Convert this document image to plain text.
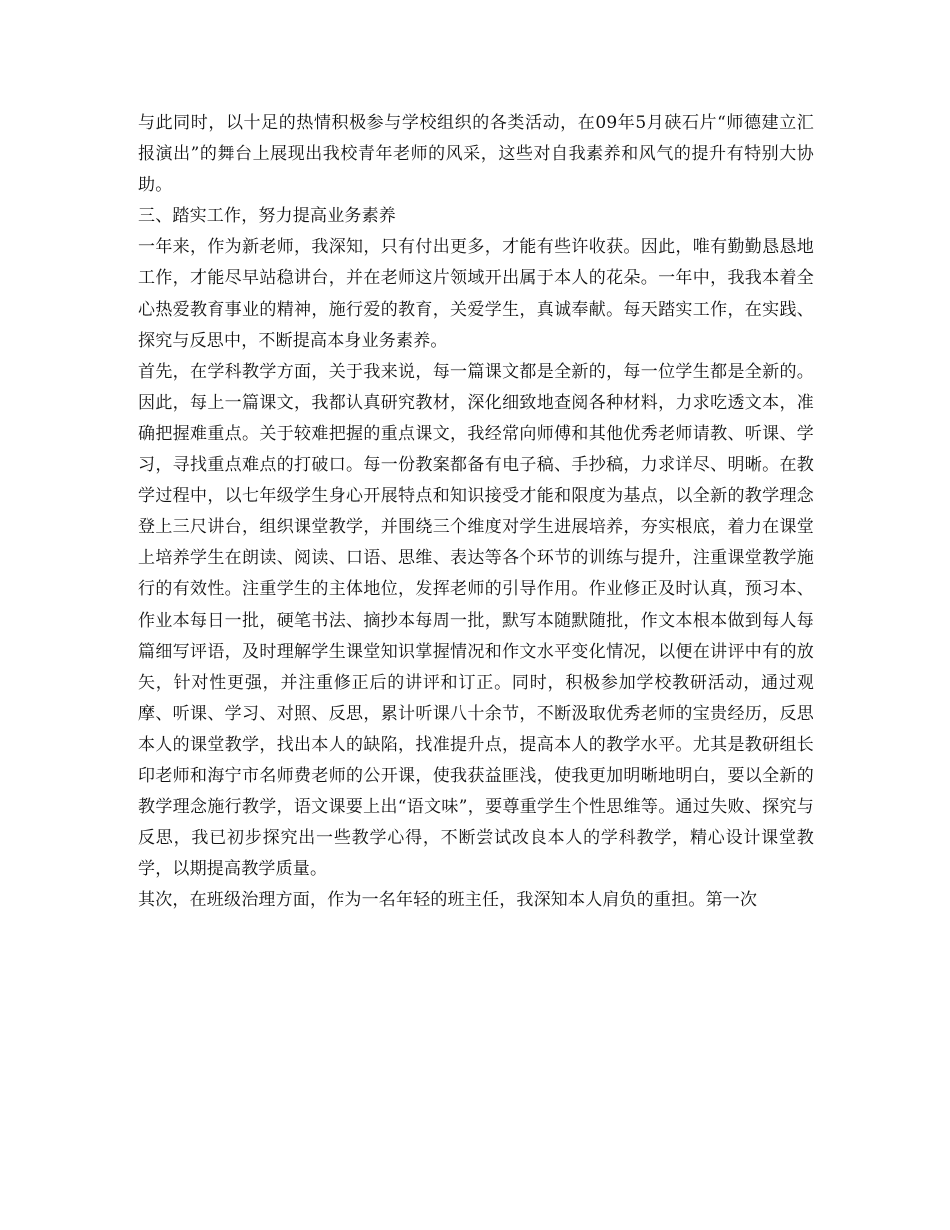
与此同时，以十足的热情积极参与学校组织的各类活动，在09年5月硖石片“师德建立汇报演出”的舞台上展现出我校青年老师的风采，这些对自我素养和风气的提升有特别大协助。

三、踏实工作，努力提高业务素养

一年来，作为新老师，我深知，只有付出更多，才能有些许收获。因此，唯有勤勤恳恳地工作，才能尽早站稳讲台，并在老师这片领域开出属于本人的花朵。一年中，我我本着全心热爱教育事业的精神，施行爱的教育，关爱学生，真诚奉献。每天踏实工作，在实践、探究与反思中，不断提高本身业务素养。

首先，在学科教学方面，关于我来说，每一篇课文都是全新的，每一位学生都是全新的。因此，每上一篇课文，我都认真研究教材，深化细致地查阅各种材料，力求吃透文本，准确把握难重点。关于较难把握的重点课文，我经常向师傅和其他优秀老师请教、听课、学习，寻找重点难点的打破口。每一份教案都备有电子稿、手抄稿，力求详尽、明晰。在教学过程中，以七年级学生身心开展特点和知识接受才能和限度为基点，以全新的教学理念登上三尺讲台，组织课堂教学，并围绕三个维度对学生进展培养，夯实根底，着力在课堂上培养学生在朗读、阅读、口语、思维、表达等各个环节的训练与提升，注重课堂教学施行的有效性。注重学生的主体地位，发挥老师的引导作用。作业修正及时认真，预习本、作业本每日一批，硬笔书法、摘抄本每周一批，默写本随默随批，作文本根本做到每人每篇细写评语，及时理解学生课堂知识掌握情况和作文水平变化情况，以便在讲评中有的放矢，针对性更强，并注重修正后的讲评和订正。同时，积极参加学校教研活动，通过观摩、听课、学习、对照、反思，累计听课八十余节，不断汲取优秀老师的宝贵经历，反思本人的课堂教学，找出本人的缺陷，找准提升点，提高本人的教学水平。尤其是教研组长印老师和海宁市名师费老师的公开课，使我获益匪浅，使我更加明晰地明白，要以全新的教学理念施行教学，语文课要上出“语文味”，要尊重学生个性思维等。通过失败、探究与反思，我已初步探究出一些教学心得，不断尝试改良本人的学科教学，精心设计课堂教学，以期提高教学质量。

其次，在班级治理方面，作为一名年轻的班主任，我深知本人肩负的重担。第一次
